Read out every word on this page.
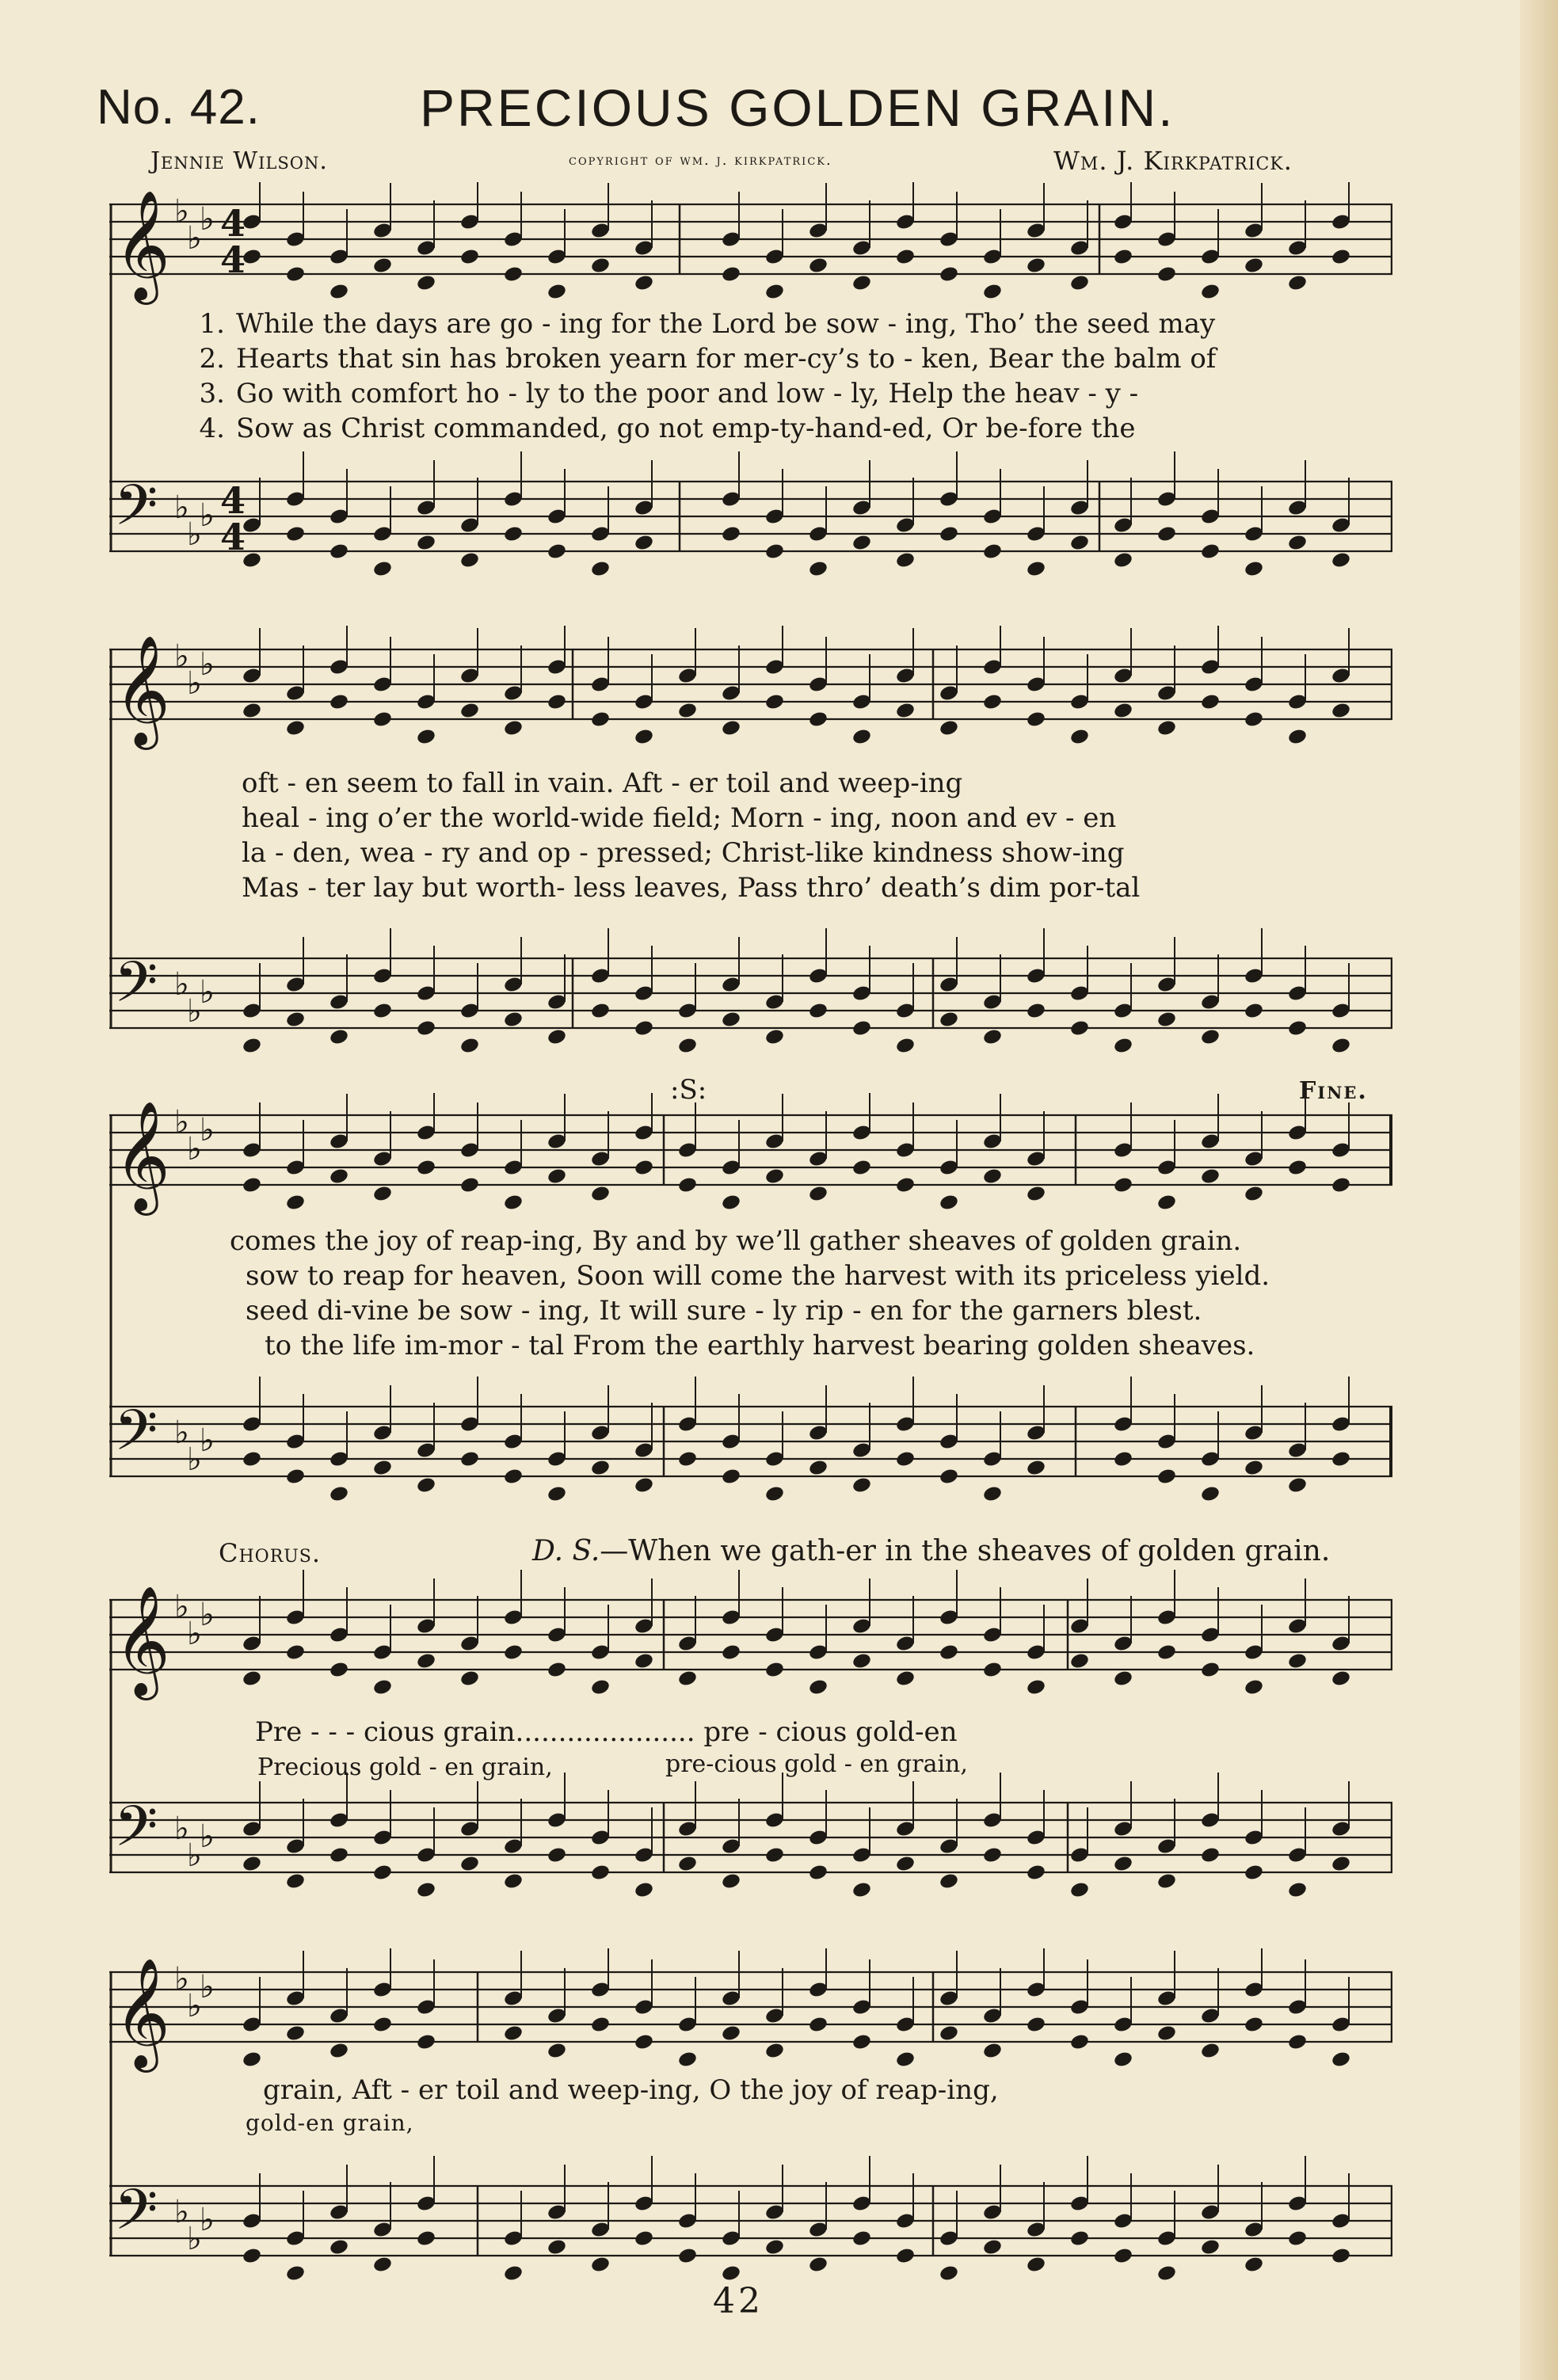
No. 42.	PRECIOUS GOLDEN GRAIN.
Jennie Wilson.	copyright of wm. j. kirkpatrick.	Wm. J. Kirkpatrick.
𝄞 ♭
♭
♭
𝄢 ♭
♭
♭
4
4
4
4
1. While the days are go - ing for the Lord be sow - ing, Tho’ the seed may
2. Hearts that sin has broken yearn for mer-cy’s to - ken, Bear the balm of
3. Go with comfort ho - ly to the poor and low - ly, Help the heav - y -
4. Sow as Christ commanded, go not emp-ty-hand-ed, Or be-fore the
𝄞 ♭
♭
♭
𝄢 ♭
♭
♭
oft - en seem to fall in vain. Aft - er toil and weep-ing
heal - ing o’er the world-wide field; Morn - ing, noon and ev - en
la - den, wea - ry and op - pressed; Christ-like kindness show-ing
Mas - ter lay but worth- less leaves, Pass thro’ death’s dim por-tal
:S:	Fine.
𝄞 ♭
♭
♭
𝄢 ♭
♭
♭
comes the joy of reap-ing, By and by we’ll gather sheaves of golden grain.
sow to reap for heaven, Soon will come the harvest with its priceless yield.
seed di-vine be sow - ing, It will sure - ly rip - en for the garners blest.
to the life im-mor - tal From the earthly harvest bearing golden sheaves.
Chorus.	D. S.—When we gath-er in the sheaves of golden grain.
𝄞 ♭
♭
♭
𝄢 ♭
♭
♭
Pre - - - cious grain..................... pre - cious gold-en
Precious gold - en grain,	pre-cious gold - en grain,
𝄞 ♭
♭
♭
𝄢 ♭
♭
♭
grain, Aft - er toil and weep-ing, O the joy of reap-ing,
gold-en grain,
42
